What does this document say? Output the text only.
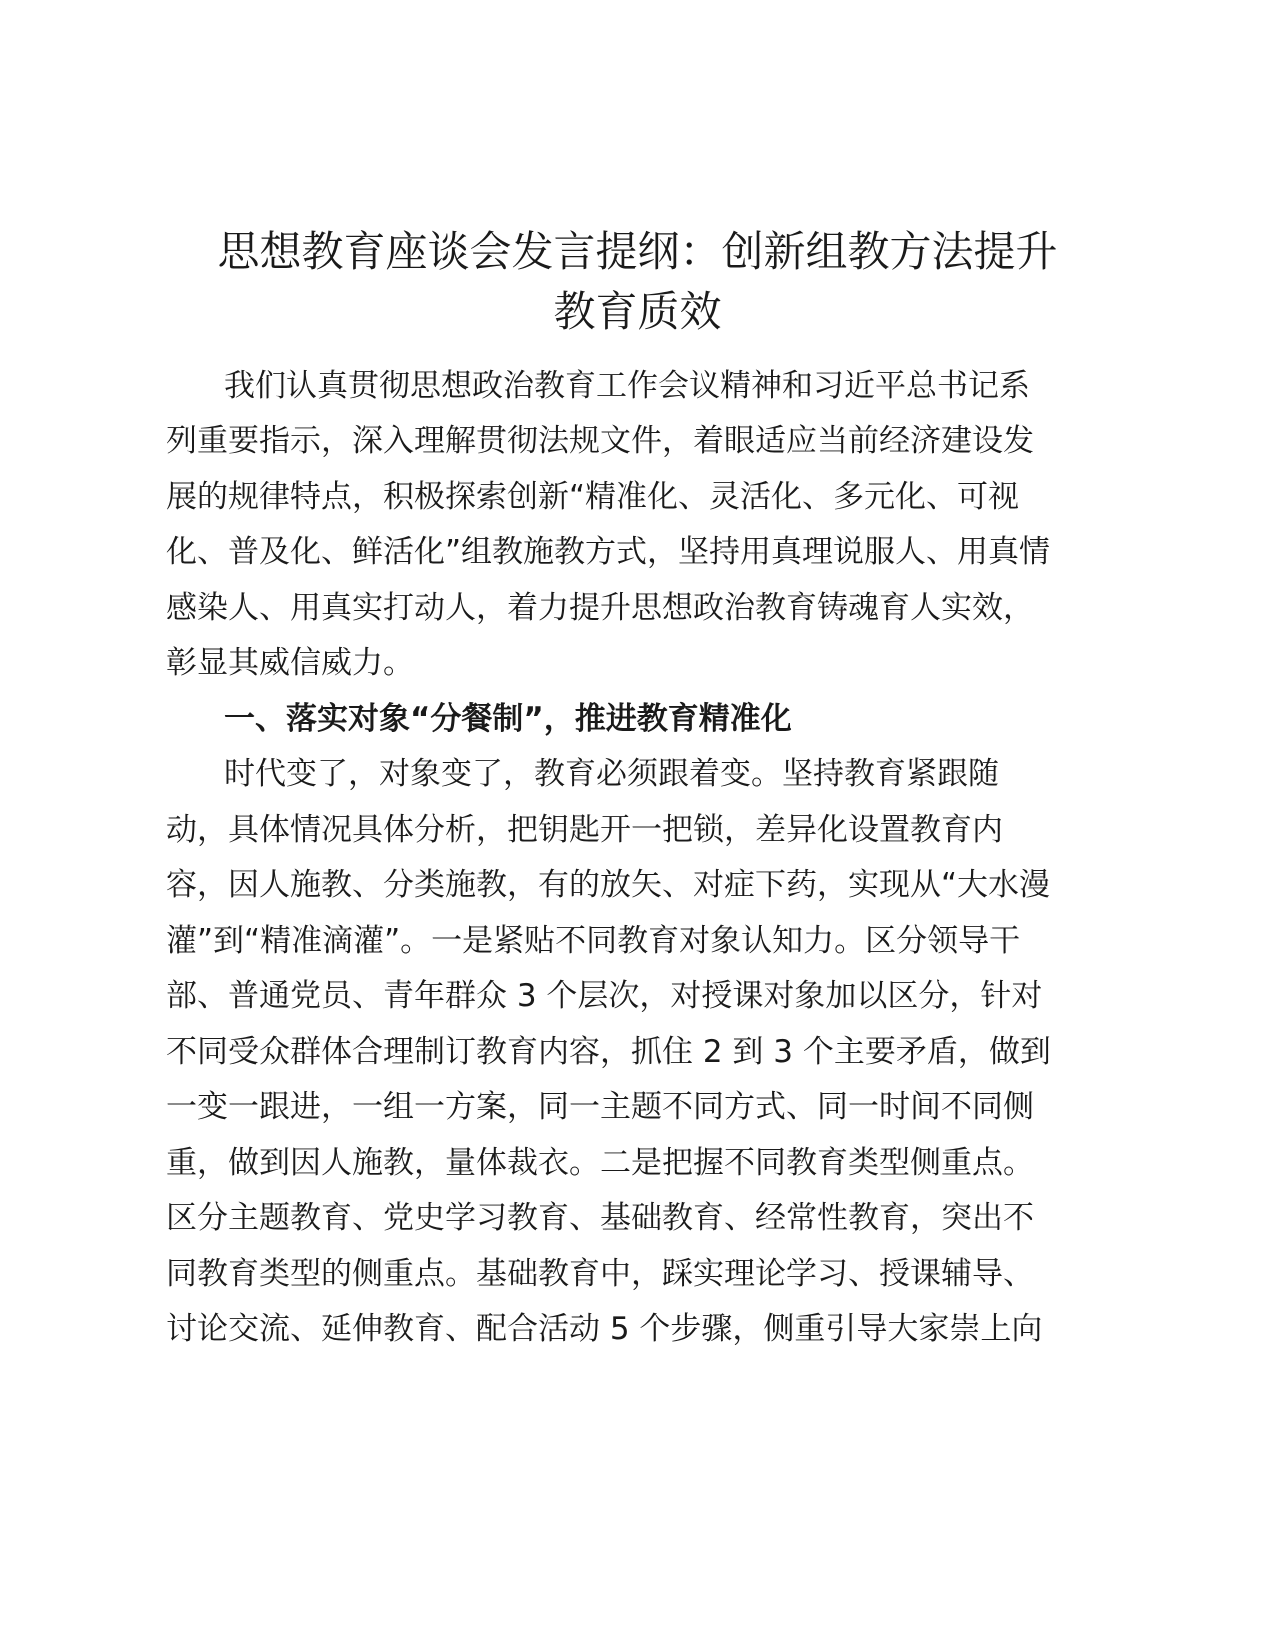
思想教育座谈会发言提纲：创新组教方法提升
教育质效
我们认真贯彻思想政治教育工作会议精神和习近平总书记系
列重要指示，深入理解贯彻法规文件，着眼适应当前经济建设发
展的规律特点，积极探索创新“精准化、灵活化、多元化、可视
化、普及化、鲜活化”组教施教方式，坚持用真理说服人、用真情
感染人、用真实打动人，着力提升思想政治教育铸魂育人实效，
彰显其威信威力。
一、落实对象“分餐制”，推进教育精准化
时代变了，对象变了，教育必须跟着变。坚持教育紧跟随
动，具体情况具体分析，把钥匙开一把锁，差异化设置教育内
容，因人施教、分类施教，有的放矢、对症下药，实现从“大水漫
灌”到“精准滴灌”。一是紧贴不同教育对象认知力。区分领导干
部、普通党员、青年群众 3 个层次，对授课对象加以区分，针对
不同受众群体合理制订教育内容，抓住 2 到 3 个主要矛盾，做到
一变一跟进，一组一方案，同一主题不同方式、同一时间不同侧
重，做到因人施教，量体裁衣。二是把握不同教育类型侧重点。
区分主题教育、党史学习教育、基础教育、经常性教育，突出不
同教育类型的侧重点。基础教育中，踩实理论学习、授课辅导、
讨论交流、延伸教育、配合活动 5 个步骤，侧重引导大家崇上向
